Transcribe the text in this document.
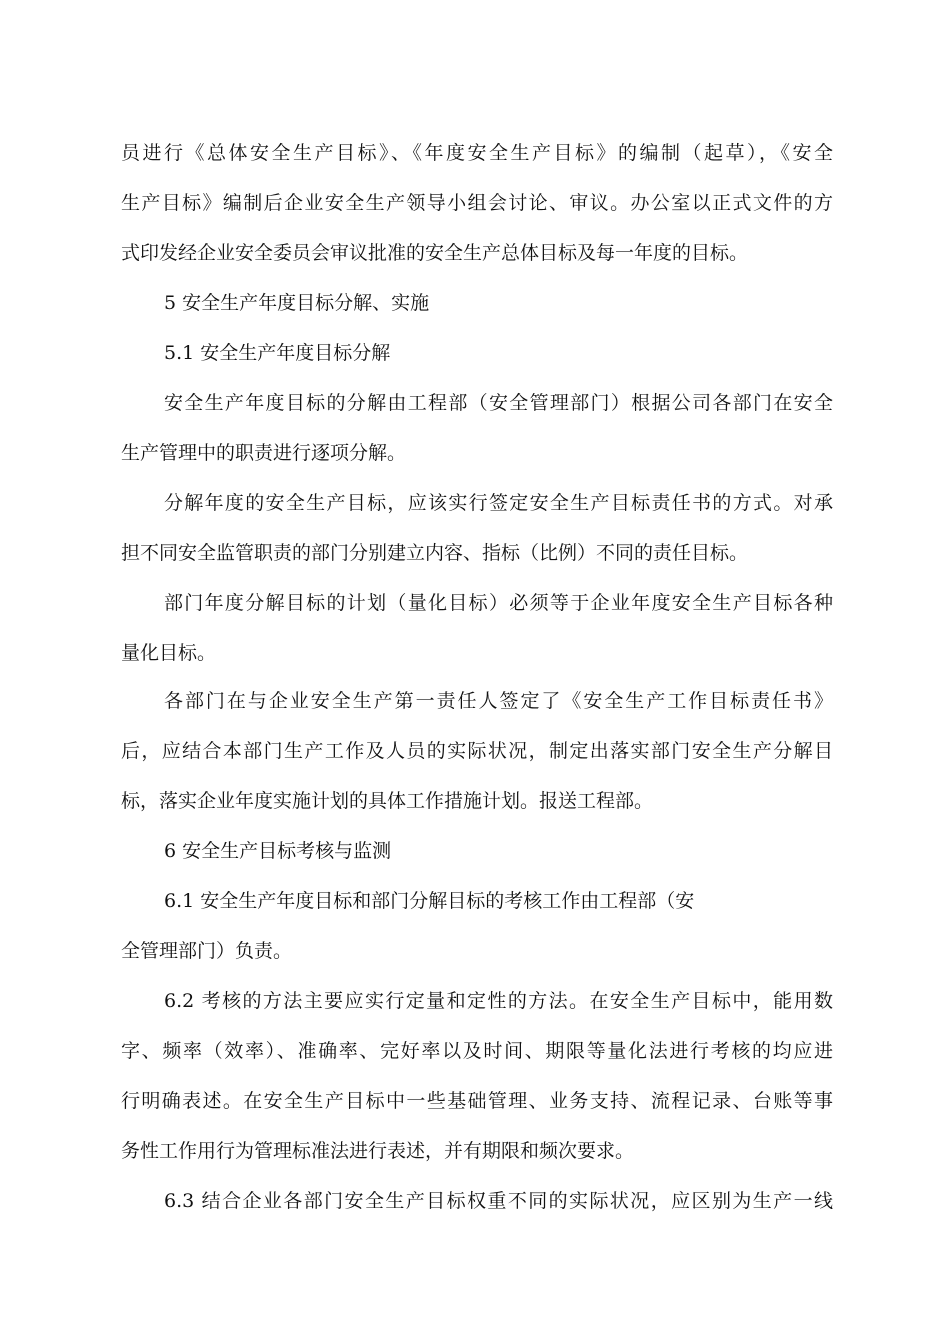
员进行《总体安全生产目标》、《年度安全生产目标》的编制（起草），《安全
生产目标》编制后企业安全生产领导小组会讨论、审议。办公室以正式文件的方
式印发经企业安全委员会审议批准的安全生产总体目标及每一年度的目标。
5 安全生产年度目标分解、实施
5.1 安全生产年度目标分解
安全生产年度目标的分解由工程部（安全管理部门）根据公司各部门在安全
生产管理中的职责进行逐项分解。
分解年度的安全生产目标，应该实行签定安全生产目标责任书的方式。对承
担不同安全监管职责的部门分别建立内容、指标（比例）不同的责任目标。
部门年度分解目标的计划（量化目标）必须等于企业年度安全生产目标各种
量化目标。
各部门在与企业安全生产第一责任人签定了《安全生产工作目标责任书》
后，应结合本部门生产工作及人员的实际状况，制定出落实部门安全生产分解目
标，落实企业年度实施计划的具体工作措施计划。报送工程部。
6 安全生产目标考核与监测
6.1 安全生产年度目标和部门分解目标的考核工作由工程部（安
全管理部门）负责。
6.2 考核的方法主要应实行定量和定性的方法。在安全生产目标中，能用数
字、频率（效率）、准确率、完好率以及时间、期限等量化法进行考核的均应进
行明确表述。在安全生产目标中一些基础管理、业务支持、流程记录、台账等事
务性工作用行为管理标准法进行表述，并有期限和频次要求。
6.3 结合企业各部门安全生产目标权重不同的实际状况，应区别为生产一线
